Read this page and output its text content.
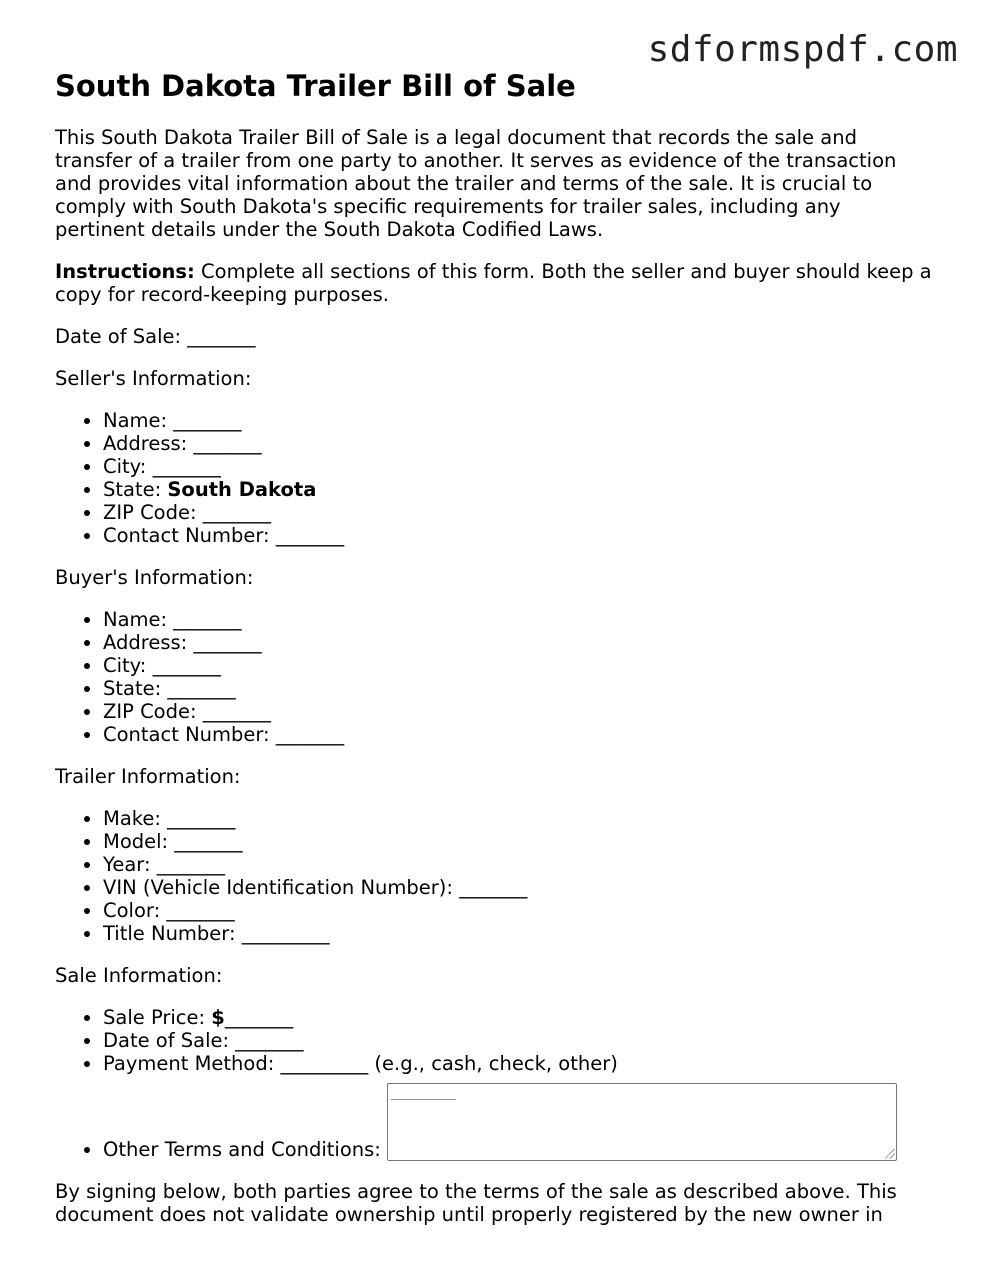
sdformspdf.com
South Dakota Trailer Bill of Sale

This South Dakota Trailer Bill of Sale is a legal document that records the sale and transfer of a trailer from one party to another. It serves as evidence of the transaction and provides vital information about the trailer and terms of the sale. It is crucial to comply with South Dakota's specific requirements for trailer sales, including any pertinent details under the South Dakota Codified Laws.

Instructions: Complete all sections of this form. Both the seller and buyer should keep a copy for record-keeping purposes.

Date of Sale: _______

Seller's Information:

• Name: _______
• Address: _______
• City: _______
• State: South Dakota
• ZIP Code: _______
• Contact Number: _______

Buyer's Information:

• Name: _______
• Address: _______
• City: _______
• State: _______
• ZIP Code: _______
• Contact Number: _______

Trailer Information:

• Make: _______
• Model: _______
• Year: _______
• VIN (Vehicle Identification Number): _______
• Color: _______
• Title Number: _________

Sale Information:

• Sale Price: $_______
• Date of Sale: _______
• Payment Method: _________ (e.g., cash, check, other)
• Other Terms and Conditions:
__________

By signing below, both parties agree to the terms of the sale as described above. This document does not validate ownership until properly registered by the new owner in
